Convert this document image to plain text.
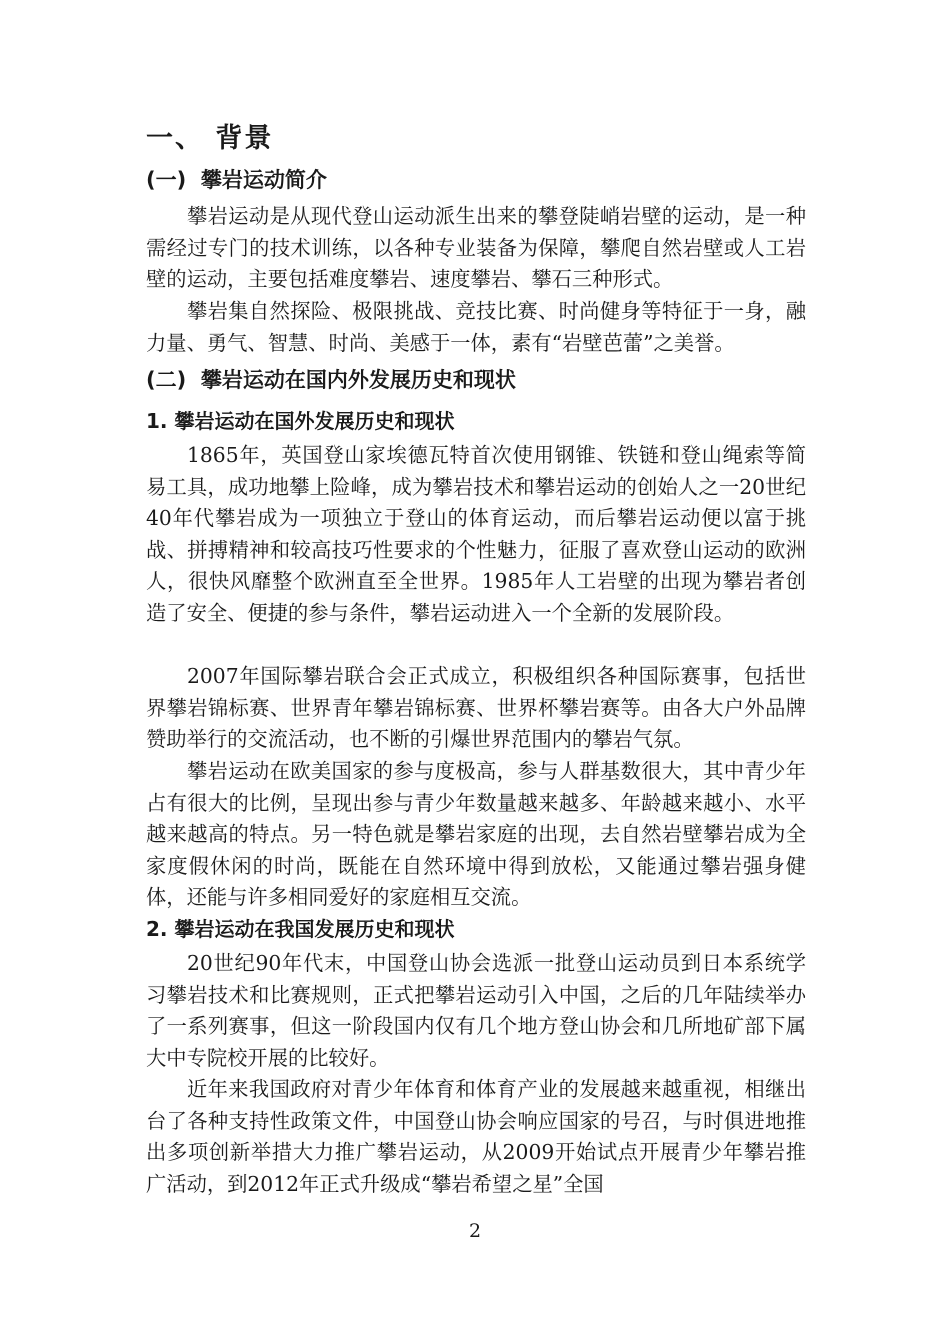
一、 背景
(一)  攀岩运动简介
攀岩运动是从现代登山运动派生出来的攀登陡峭岩壁的运动，是一种需经过专门的技术训练，以各种专业装备为保障，攀爬自然岩壁或人工岩壁的运动，主要包括难度攀岩、速度攀岩、攀石三种形式。
攀岩集自然探险、极限挑战、竞技比赛、时尚健身等特征于一身，融力量、勇气、智慧、时尚、美感于一体，素有“岩壁芭蕾”之美誉。
(二)  攀岩运动在国内外发展历史和现状
1. 攀岩运动在国外发展历史和现状
1865年，英国登山家埃德瓦特首次使用钢锥、铁链和登山绳索等简易工具，成功地攀上险峰，成为攀岩技术和攀岩运动的创始人之一20世纪40年代攀岩成为一项独立于登山的体育运动，而后攀岩运动便以富于挑战、拼搏精神和较高技巧性要求的个性魅力，征服了喜欢登山运动的欧洲人，很快风靡整个欧洲直至全世界。1985年人工岩壁的出现为攀岩者创造了安全、便捷的参与条件，攀岩运动进入一个全新的发展阶段。
2007年国际攀岩联合会正式成立，积极组织各种国际赛事，包括世界攀岩锦标赛、世界青年攀岩锦标赛、世界杯攀岩赛等。由各大户外品牌赞助举行的交流活动，也不断的引爆世界范围内的攀岩气氛。
攀岩运动在欧美国家的参与度极高，参与人群基数很大，其中青少年占有很大的比例，呈现出参与青少年数量越来越多、年龄越来越小、水平越来越高的特点。另一特色就是攀岩家庭的出现，去自然岩壁攀岩成为全家度假休闲的时尚，既能在自然环境中得到放松，又能通过攀岩强身健体，还能与许多相同爱好的家庭相互交流。
2. 攀岩运动在我国发展历史和现状
20世纪90年代末，中国登山协会选派一批登山运动员到日本系统学习攀岩技术和比赛规则，正式把攀岩运动引入中国，之后的几年陆续举办了一系列赛事，但这一阶段国内仅有几个地方登山协会和几所地矿部下属大中专院校开展的比较好。
近年来我国政府对青少年体育和体育产业的发展越来越重视，相继出台了各种支持性政策文件，中国登山协会响应国家的号召，与时俱进地推出多项创新举措大力推广攀岩运动，从2009开始试点开展青少年攀岩推广活动，到2012年正式升级成“攀岩希望之星”全国
2
